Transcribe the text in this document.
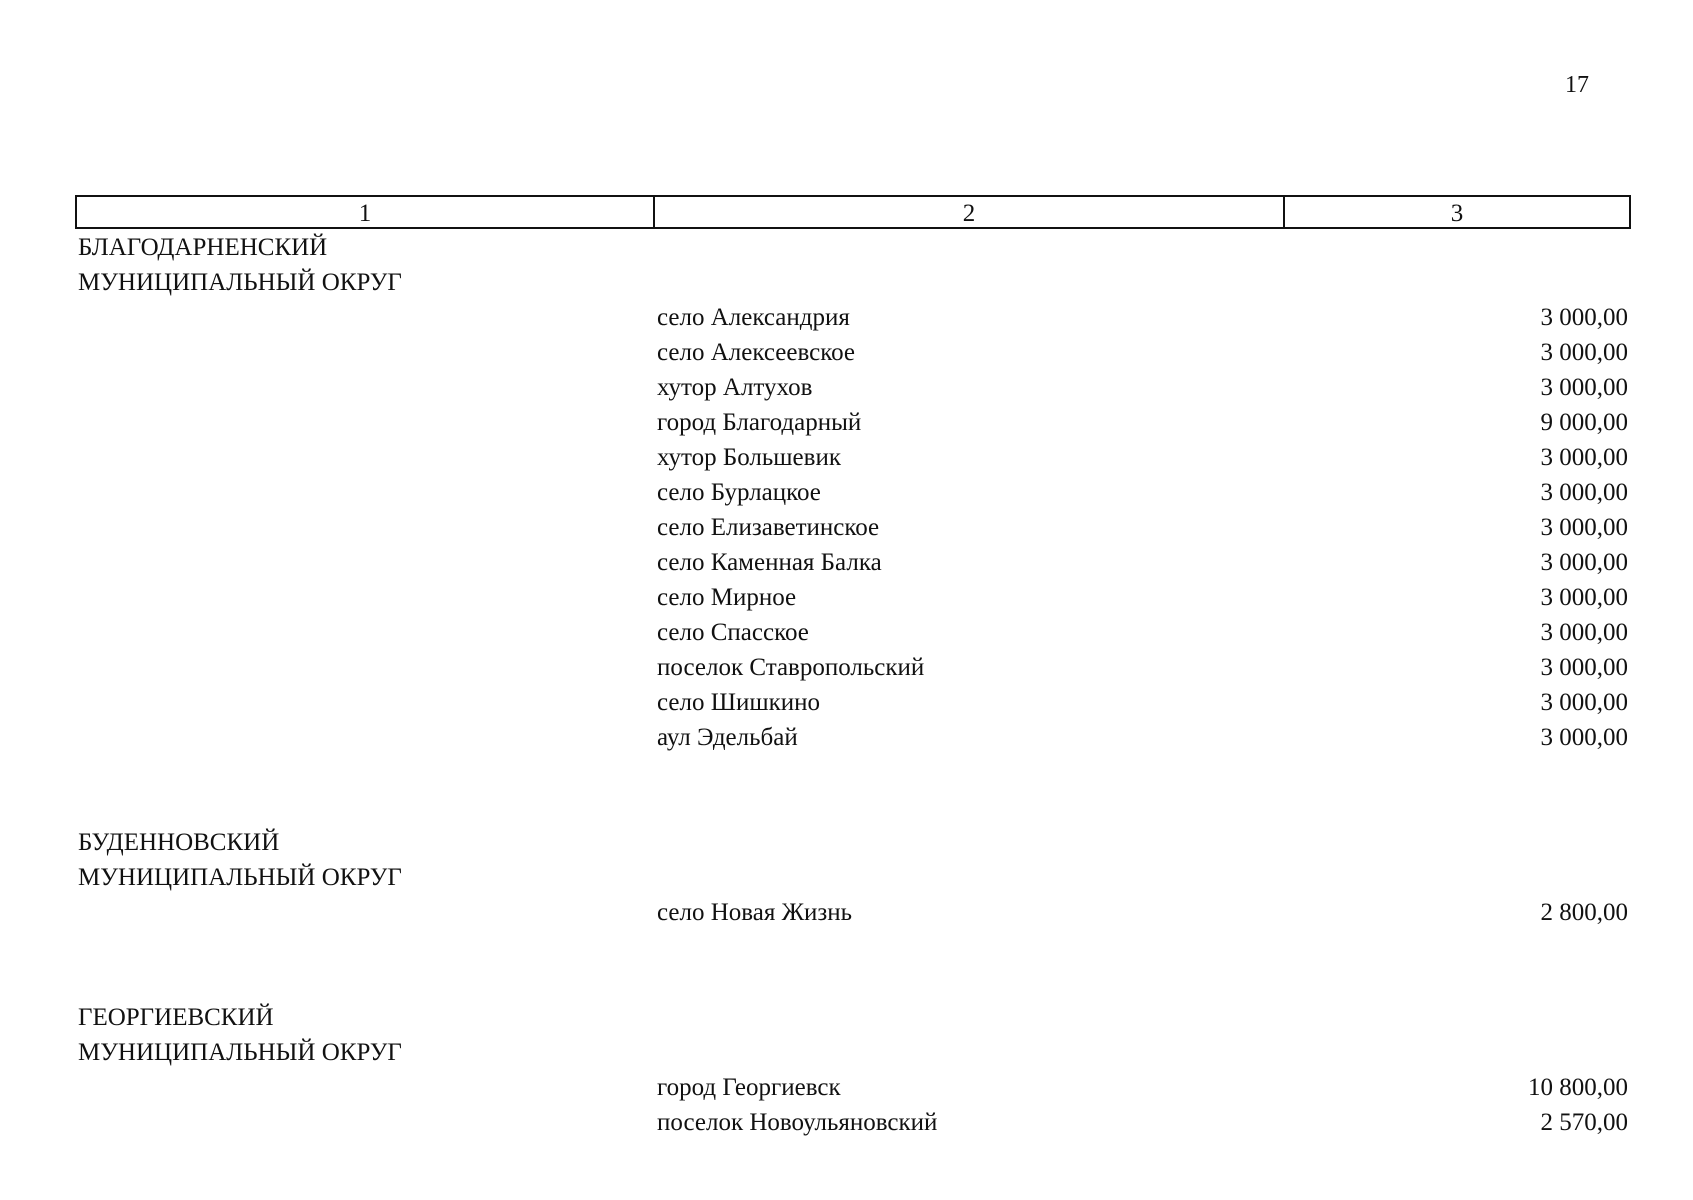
17
1	2	3
БЛАГОДАРНЕНСКИЙ МУНИЦИПАЛЬНЫЙ ОКРУГ
село Александрия	3 000,00
село Алексеевское	3 000,00
хутор Алтухов	3 000,00
город Благодарный	9 000,00
хутор Большевик	3 000,00
село Бурлацкое	3 000,00
село Елизаветинское	3 000,00
село Каменная Балка	3 000,00
село Мирное	3 000,00
село Спасское	3 000,00
поселок Ставропольский	3 000,00
село Шишкино	3 000,00
аул Эдельбай	3 000,00
БУДЕННОВСКИЙ МУНИЦИПАЛЬНЫЙ ОКРУГ
село Новая Жизнь	2 800,00
ГЕОРГИЕВСКИЙ МУНИЦИПАЛЬНЫЙ ОКРУГ
город Георгиевск	10 800,00
поселок Новоульяновский	2 570,00
